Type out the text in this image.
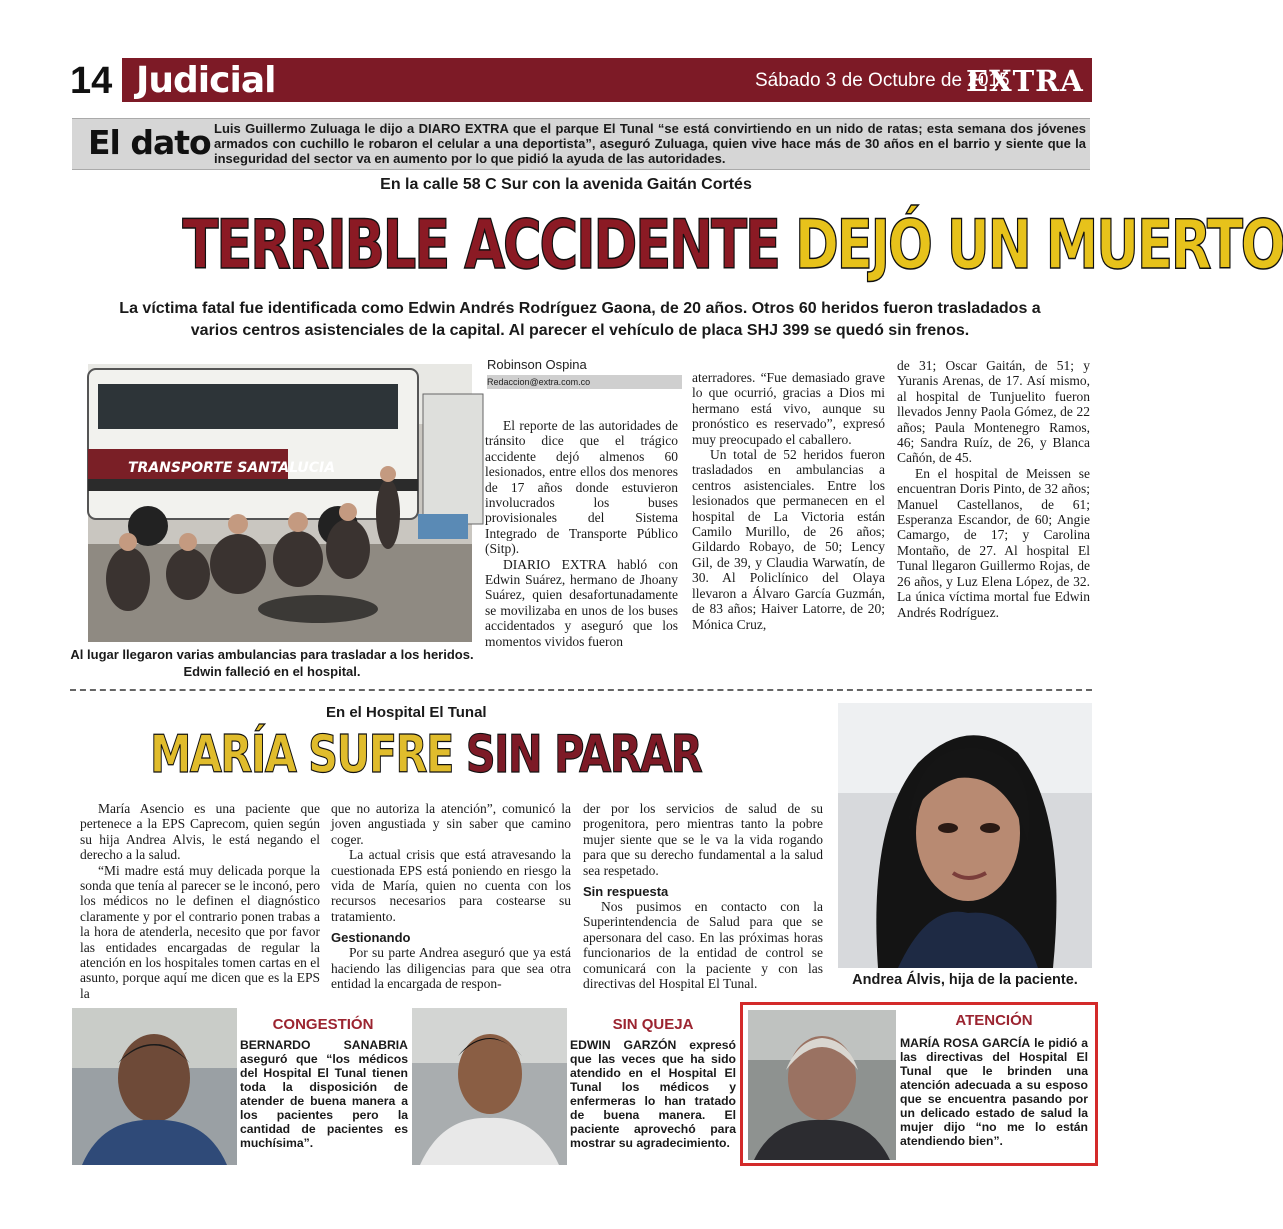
14 Judicial	Sábado 3 de Octubre de 2015
EXTRA
El dato Luis Guillermo Zuluaga le dijo a DIARO EXTRA que el parque El Tunal “se está convirtiendo en un nido de ratas; esta semana dos jóvenes armados con cuchillo le robaron el celular a una deportista”, aseguró Zuluaga, quien vive hace más de 30 años en el barrio y siente que la inseguridad del sector va en aumento por lo que pidió la ayuda de las autoridades.
En la calle 58 C Sur con la avenida Gaitán Cortés
TERRIBLE ACCIDENTE DEJÓ UN MUERTO
La víctima fatal fue identificada como Edwin Andrés Rodríguez Gaona, de 20 años. Otros 60 heridos fueron trasladados a varios centros asistenciales de la capital. Al parecer el vehículo de placa SHJ 399 se quedó sin frenos.
TRANSPORTE SANTALUCIA
Al lugar llegaron varias ambulancias para trasladar a los heridos. Edwin falleció en el hospital.
Robinson Ospina
Redaccion@extra.com.co

El reporte de las autoridades de tránsito dice que el trágico accidente dejó almenos 60 lesionados, entre ellos dos menores de 17 años donde estuvieron involucrados los buses provisionales del Sistema Integrado de Transporte Público (Sitp).

DIARIO EXTRA habló con Edwin Suárez, hermano de Jhoany Suárez, quien desafortunadamente se movilizaba en unos de los buses accidentados y aseguró que los momentos vividos fueron

aterradores. “Fue demasiado grave lo que ocurrió, gracias a Dios mi hermano está vivo, aunque su pronóstico es reservado”, expresó muy preocupado el caballero.

Un total de 52 heridos fueron trasladados en ambulancias a centros asistenciales. Entre los lesionados que permanecen en el hospital de La Victoria están Camilo Murillo, de 26 años; Gildardo Robayo, de 50; Lency Gil, de 39, y Claudia Warwatín, de 30. Al Policlínico del Olaya llevaron a Álvaro García Guzmán, de 83 años; Haiver Latorre, de 20; Mónica Cruz,

de 31; Oscar Gaitán, de 51; y Yuranis Arenas, de 17. Así mismo, al hospital de Tunjuelito fueron llevados Jenny Paola Gómez, de 22 años; Paula Montenegro Ramos, 46; Sandra Ruíz, de 26, y Blanca Cañón, de 45.

En el hospital de Meissen se encuentran Doris Pinto, de 32 años; Manuel Castellanos, de 61; Esperanza Escandor, de 60; Angie Camargo, de 17; y Carolina Montaño, de 27. Al hospital El Tunal llegaron Guillermo Rojas, de 26 años, y Luz Elena López, de 32. La única víctima mortal fue Edwin Andrés Rodríguez.

En el Hospital El Tunal
MARÍA SUFRE SIN PARAR

María Asencio es una paciente que pertenece a la EPS Caprecom, quien según su hija Andrea Alvis, le está negando el derecho a la salud.

“Mi madre está muy delicada porque la sonda que tenía al parecer se le inconó, pero los médicos no le definen el diagnóstico claramente y por el contrario ponen trabas a la hora de atenderla, necesito que por favor las entidades encargadas de regular la atención en los hospitales tomen cartas en el asunto, porque aquí me dicen que es la EPS la

que no autoriza la atención”, comunicó la joven angustiada y sin saber que camino coger.

La actual crisis que está atravesando la cuestionada EPS está poniendo en riesgo la vida de María, quien no cuenta con los recursos necesarios para costearse su tratamiento.

Gestionando

Por su parte Andrea aseguró que ya está haciendo las diligencias para que sea otra entidad la encargada de respon-

der por los servicios de salud de su progenitora, pero mientras tanto la pobre mujer siente que se le va la vida rogando para que su derecho fundamental a la salud sea respetado.

Sin respuesta

Nos pusimos en contacto con la Superintendencia de Salud para que se apersonara del caso. En las próximas horas funcionarios de la entidad de control se comunicará con la paciente y con las directivas del Hospital El Tunal.	Andrea Álvis, hija de la paciente.
CONGESTIÓN
BERNARDO SANABRIA aseguró que “los médicos del Hospital El Tunal tienen toda la disposición de atender de buena manera a los pacientes pero la cantidad de pacientes es muchísima”.
SIN QUEJA
EDWIN GARZÓN expresó que las veces que ha sido atendido en el Hospital El Tunal los médicos y enfermeras lo han tratado de buena manera. El paciente aprovechó para mostrar su agradecimiento.
ATENCIÓN
MARÍA ROSA GARCÍA le pidió a las directivas del Hospital El Tunal que le brinden una atención adecuada a su esposo que se encuentra pasando por un delicado estado de salud la mujer dijo “no me lo están atendiendo bien”.
